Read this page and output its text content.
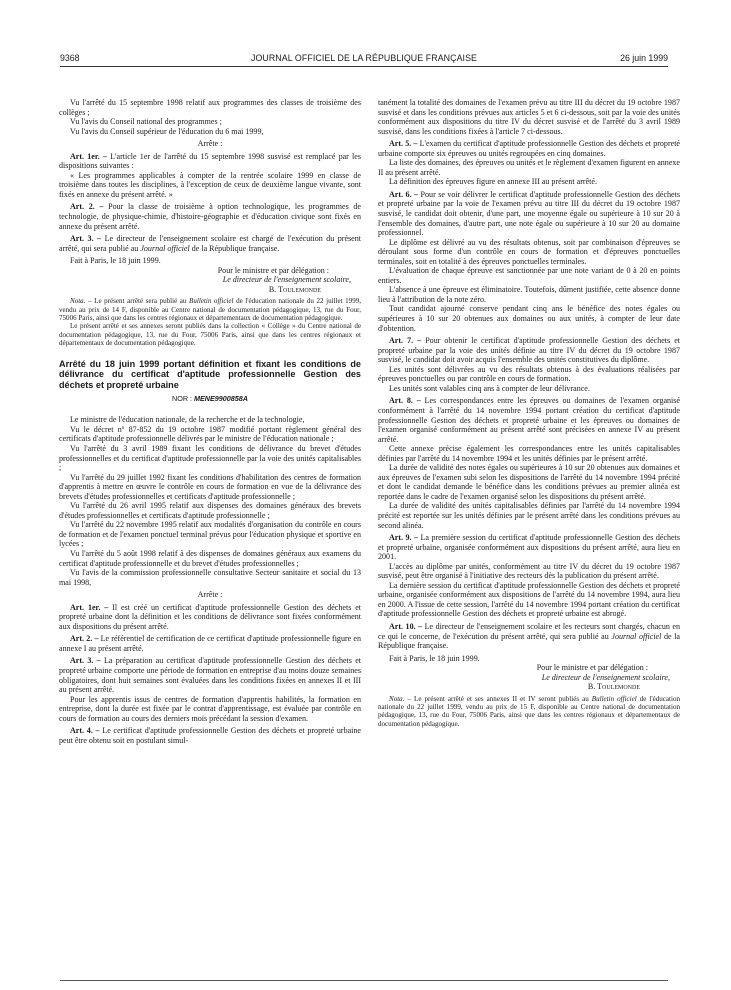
9368	JOURNAL OFFICIEL DE LA RÉPUBLIQUE FRANÇAISE	26 juin 1999

Vu l'arrêté du 15 septembre 1998 relatif aux programmes des classes de troisième des collèges ;

Vu l'avis du Conseil national des programmes ;

Vu l'avis du Conseil supérieur de l'éducation du 6 mai 1999,

Arrête :

Art. 1er. – L'article 1er de l'arrêté du 15 septembre 1998 susvisé est remplacé par les dispositions suivantes :

« Les programmes applicables à compter de la rentrée scolaire 1999 en classe de troisième dans toutes les disciplines, à l'exception de ceux de deuxième langue vivante, sont fixés en annexe du présent arrêté. »

Art. 2. – Pour la classe de troisième à option technologique, les programmes de technologie, de physique-chimie, d'histoire-géographie et d'éducation civique sont fixés en annexe du présent arrêté.

Art. 3. – Le directeur de l'enseignement scolaire est chargé de l'exécution du présent arrêté, qui sera publié au Journal officiel de la République française.

Fait à Paris, le 18 juin 1999.

Pour le ministre et par délégation :

Le directeur de l'enseignement scolaire,

B. Toulemonde

Nota. – Le présent arrêté sera publié au Bulletin officiel de l'éducation nationale du 22 juillet 1999, vendu au prix de 14 F, disponible au Centre national de documentation pédagogique, 13, rue du Four, 75006 Paris, ainsi que dans les centres régionaux et départementaux de documentation pédagogique.

Le présent arrêté et ses annexes seront publiés dans la collection « Collège » du Centre national de documentation pédagogique, 13, rue du Four, 75006 Paris, ainsi que dans les centres régionaux et départementaux de documentation pédagogique.

Arrêté du 18 juin 1999 portant définition et fixant les conditions de délivrance du certificat d'aptitude professionnelle Gestion des déchets et propreté urbaine

NOR : MENE9900858A

Le ministre de l'éducation nationale, de la recherche et de la technologie,

Vu le décret nº 87-852 du 19 octobre 1987 modifié portant règlement général des certificats d'aptitude professionnelle délivrés par le ministre de l'éducation nationale ;

Vu l'arrêté du 3 avril 1989 fixant les conditions de délivrance du brevet d'études professionnelles et du certificat d'aptitude professionnelle par la voie des unités capitalisables ;

Vu l'arrêté du 29 juillet 1992 fixant les conditions d'habilitation des centres de formation d'apprentis à mettre en œuvre le contrôle en cours de formation en vue de la délivrance des brevets d'études professionnelles et certificats d'aptitude professionnelle ;

Vu l'arrêté du 26 avril 1995 relatif aux dispenses des domaines généraux des brevets d'études professionnelles et certificats d'aptitude professionnelle ;

Vu l'arrêté du 22 novembre 1995 relatif aux modalités d'organisation du contrôle en cours de formation et de l'examen ponctuel terminal prévus pour l'éducation physique et sportive en lycées ;

Vu l'arrêté du 5 août 1998 relatif à des dispenses de domaines généraux aux examens du certificat d'aptitude professionnelle et du brevet d'études professionnelles ;

Vu l'avis de la commission professionnelle consultative Secteur sanitaire et social du 13 mai 1998,

Arrête :

Art. 1er. – Il est créé un certificat d'aptitude professionnelle Gestion des déchets et propreté urbaine dont la définition et les conditions de délivrance sont fixées conformément aux dispositions du présent arrêté.

Art. 2. – Le référentiel de certification de ce certificat d'aptitude professionnelle figure en annexe I au présent arrêté.

Art. 3. – La préparation au certificat d'aptitude professionnelle Gestion des déchets et propreté urbaine comporte une période de formation en entreprise d'au moins douze semaines obligatoires, dont huit semaines sont évaluées dans les conditions fixées en annexes II et III au présent arrêté.

Pour les apprentis issus de centres de formation d'apprentis habilités, la formation en entreprise, dont la durée est fixée par le contrat d'apprentissage, est évaluée par contrôle en cours de formation au cours des derniers mois précédant la session d'examen.

Art. 4. – Le certificat d'aptitude professionnelle Gestion des déchets et propreté urbaine peut être obtenu soit en postulant simul-

tanément la totalité des domaines de l'examen prévu au titre III du décret du 19 octobre 1987 susvisé et dans les conditions prévues aux articles 5 et 6 ci-dessous, soit par la voie des unités conformément aux dispositions du titre IV du décret susvisé et de l'arrêté du 3 avril 1989 susvisé, dans les conditions fixées à l'article 7 ci-dessous.

Art. 5. – L'examen du certificat d'aptitude professionnelle Gestion des déchets et propreté urbaine comporte six épreuves ou unités regroupées en cinq domaines.

La liste des domaines, des épreuves ou unités et le règlement d'examen figurent en annexe II au présent arrêté.

La définition des épreuves figure en annexe III au présent arrêté.

Art. 6. – Pour se voir délivrer le certificat d'aptitude professionnelle Gestion des déchets et propreté urbaine par la voie de l'examen prévu au titre III du décret du 19 octobre 1987 susvisé, le candidat doit obtenir, d'une part, une moyenne égale ou supérieure à 10 sur 20 à l'ensemble des domaines, d'autre part, une note égale ou supérieure à 10 sur 20 au domaine professionnel.

Le diplôme est délivré au vu des résultats obtenus, soit par combinaison d'épreuves se déroulant sous forme d'un contrôle en cours de formation et d'épreuves ponctuelles terminales, soit en totalité à des épreuves ponctuelles terminales.

L'évaluation de chaque épreuve est sanctionnée par une note variant de 0 à 20 en points entiers.

L'absence à une épreuve est éliminatoire. Toutefois, dûment justifiée, cette absence donne lieu à l'attribution de la note zéro.

Tout candidat ajourné conserve pendant cinq ans le bénéfice des notes égales ou supérieures à 10 sur 20 obtenues aux domaines ou aux unités, à compter de leur date d'obtention.

Art. 7. – Pour obtenir le certificat d'aptitude professionnelle Gestion des déchets et propreté urbaine par la voie des unités définie au titre IV du décret du 19 octobre 1987 susvisé, le candidat doit avoir acquis l'ensemble des unités constitutives du diplôme.

Les unités sont délivrées au vu des résultats obtenus à des évaluations réalisées par épreuves ponctuelles ou par contrôle en cours de formation.

Les unités sont valables cinq ans à compter de leur délivrance.

Art. 8. – Les correspondances entre les épreuves ou domaines de l'examen organisé conformément à l'arrêté du 14 novembre 1994 portant création du certificat d'aptitude professionnelle Gestion des déchets et propreté urbaine et les épreuves ou domaines de l'examen organisé conformément au présent arrêté sont précisées en annexe IV au présent arrêté.

Cette annexe précise également les correspondances entre les unités capitalisables définies par l'arrêté du 14 novembre 1994 et les unités définies par le présent arrêté.

La durée de validité des notes égales ou supérieures à 10 sur 20 obtenues aux domaines et aux épreuves de l'examen subi selon les dispositions de l'arrêté du 14 novembre 1994 précité et dont le candidat demande le bénéfice dans les conditions prévues au premier alinéa est reportée dans le cadre de l'examen organisé selon les dispositions du présent arrêté.

La durée de validité des unités capitalisables définies par l'arrêté du 14 novembre 1994 précité est reportée sur les unités définies par le présent arrêté dans les conditions prévues au second alinéa.

Art. 9. – La première session du certificat d'aptitude professionnelle Gestion des déchets et propreté urbaine, organisée conformément aux dispositions du présent arrêté, aura lieu en 2001.

L'accès au diplôme par unités, conformément au titre IV du décret du 19 octobre 1987 susvisé, peut être organisé à l'initiative des recteurs dès la publication du présent arrêté.

La dernière session du certificat d'aptitude professionnelle Gestion des déchets et propreté urbaine, organisée conformément aux dispositions de l'arrêté du 14 novembre 1994, aura lieu en 2000. A l'issue de cette session, l'arrêté du 14 novembre 1994 portant création du certificat d'aptitude professionnelle Gestion des déchets et propreté urbaine est abrogé.

Art. 10. – Le directeur de l'enseignement scolaire et les recteurs sont chargés, chacun en ce qui le concerne, de l'exécution du présent arrêté, qui sera publié au Journal officiel de la République française.

Fait à Paris, le 18 juin 1999.

Pour le ministre et par délégation :

Le directeur de l'enseignement scolaire,

B. Toulemonde

Nota. – Le présent arrêté et ses annexes II et IV seront publiés au Bulletin officiel de l'éducation nationale du 22 juillet 1999, vendu au prix de 15 F, disponible au Centre national de documentation pédagogique, 13, rue du Four, 75006 Paris, ainsi que dans les centres régionaux et départementaux de documentation pédagogique.
